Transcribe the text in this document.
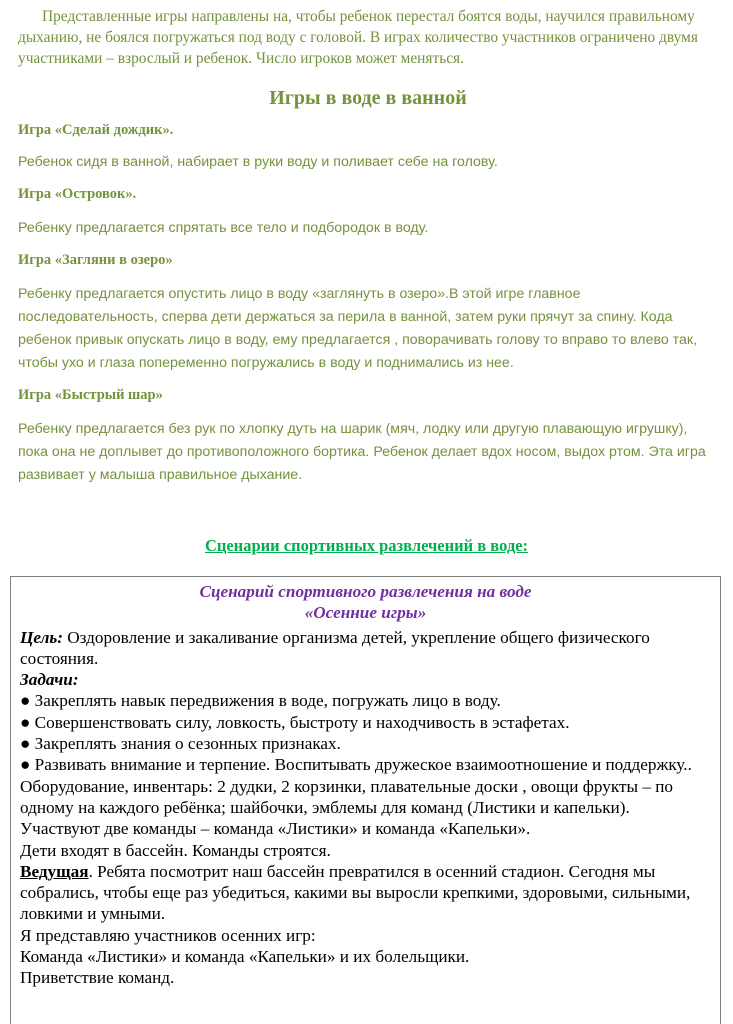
Представленные игры направлены на, чтобы ребенок перестал боятся воды, научился правильному дыханию, не боялся погружаться под воду с головой. В играх количество участников ограничено двумя участниками – взрослый и ребенок. Число игроков может меняться.

Игры в воде в ванной

Игра «Сделай дождик».

Ребенок сидя в ванной, набирает в руки воду и поливает себе на голову.

Игра «Островок».

Ребенку предлагается спрятать все тело и подбородок в воду.

Игра «Загляни в озеро»

Ребенку предлагается опустить лицо в воду «заглянуть в озеро».В этой игре главное последовательность, сперва дети держаться за перила в ванной, затем руки прячут за спину. Кода ребенок привык опускать лицо в воду, ему предлагается , поворачивать голову то вправо то влево так, чтобы ухо и глаза попеременно погружались в воду и поднимались из нее.

Игра «Быстрый шар»

Ребенку предлагается без рук по хлопку дуть на шарик (мяч, лодку или другую плавающую игрушку), пока она не доплывет до противоположного бортика. Ребенок делает вдох носом, выдох ртом. Эта игра развивает у малыша правильное дыхание.

Сценарии спортивных развлечений в воде:

Сценарий спортивного развлечения на воде

«Осенние игры»

Цель: Оздоровление и закаливание организма детей, укрепление общего физического состояния.

Задачи:

● Закреплять навык передвижения в воде, погружать лицо в воду.

● Совершенствовать силу, ловкость, быстроту и находчивость в эстафетах.

● Закреплять знания о сезонных признаках.

● Развивать внимание и терпение. Воспитывать дружеское взаимоотношение и поддержку..

Оборудование, инвентарь: 2 дудки, 2 корзинки, плавательные доски , овощи фрукты – по одному на каждого ребёнка; шайбочки, эмблемы для команд (Листики и капельки).

Участвуют две команды – команда «Листики» и команда «Капельки».

Дети входят в бассейн. Команды строятся.

Ведущая. Ребята посмотрит наш бассейн превратился в осенний стадион. Сегодня мы собрались, чтобы еще раз убедиться, какими вы выросли крепкими, здоровыми, сильными, ловкими и умными.

Я представляю участников осенних игр:

Команда «Листики» и команда «Капельки» и их болельщики.

Приветствие команд.
